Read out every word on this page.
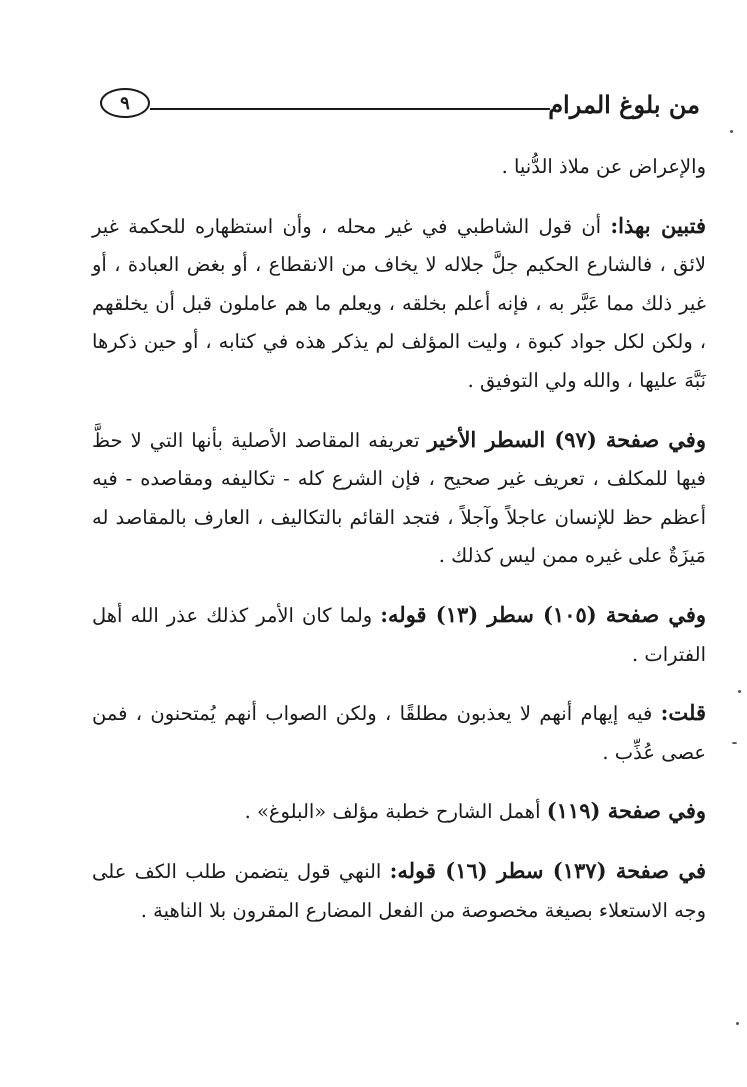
٩	من بلوغ المرام

والإعراض عن ملاذ الدُّنيا .

فتبين بهذا: أن قول الشاطبي في غير محله ، وأن استظهاره للحكمة غير لائق ، فالشارع الحكيم جلَّ جلاله لا يخاف من الانقطاع ، أو بغض العبادة ، أو غير ذلك مما عَبَّر به ، فإنه أعلم بخلقه ، ويعلم ما هم عاملون قبل أن يخلقهم ، ولكن لكل جواد كبوة ، وليت المؤلف لم يذكر هذه في كتابه ، أو حين ذكرها نَبَّهَ عليها ، والله ولي التوفيق .

وفي صفحة (٩٧) السطر الأخير تعريفه المقاصد الأصلية بأنها التي لا حظَّ فيها للمكلف ، تعريف غير صحيح ، فإن الشرع كله - تكاليفه ومقاصده - فيه أعظم حظ للإنسان عاجلاً وآجلاً ، فتجد القائم بالتكاليف ، العارف بالمقاصد له مَيزَةٌ على غيره ممن ليس كذلك .

وفي صفحة (١٠٥) سطر (١٣) قوله: ولما كان الأمر كذلك عذر الله أهل الفترات .

قلت: فيه إيهام أنهم لا يعذبون مطلقًا ، ولكن الصواب أنهم يُمتحنون ، فمن عصى عُذِّب .

وفي صفحة (١١٩) أهمل الشارح خطبة مؤلف «البلوغ» .

في صفحة (١٣٧) سطر (١٦) قوله: النهي قول يتضمن طلب الكف على وجه الاستعلاء بصيغة مخصوصة من الفعل المضارع المقرون بلا الناهية .
